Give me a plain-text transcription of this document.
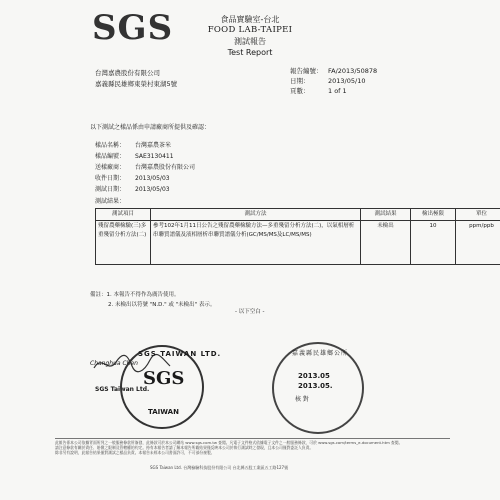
SGS	食品實驗室-台北
FOOD LAB-TAIPEI
測試報告
Test Report
台灣嘉農股份有限公司
嘉義縣民雄鄉東榮村東湖5號
報告編號： FA/2013/50878
日期：	2013/05/10
頁數：	1 of 1
以下測試之樣品係由申請廠商所提供及確認：
樣品名稱：	台灣嘉農茶米
樣品編號：	SAE3130411
送樣廠商：	台灣嘉農股份有限公司
收件日期：	2013/05/03
測試日期：	2013/05/03
測試結果：
測試項目	測試方法	測試結果	檢出極限	單位
殘留農藥檢驗(三)多重殘留分析方法(二)	參考102年1月11日公告之殘留農藥檢驗方法—多重殘留分析方法(二)，以氣相層析串聯質譜儀及液相層析串聯質譜儀分析(GC/MS/MS及LC/MS/MS)	未檢出	10	ppm/ppb
備註：1. 本報告不得作為廣告使用。
2. 未檢出以符號 "N.D." 或 "未檢出" 表示。
- 以下空白 -
Changhua Chen
SGS Taiwan Ltd.
SGS TAIWAN LTD.
SGS
TAIWAN
嘉義縣民雄鄉公所
2013.05
2013.05.
核 對
此報告係本公司依據背面所列之一般服務條款所簽發，此條款可於本公司網站 www.sgs.com.tw 查閱。凡電子文件格式依據電子文件之一般服務條款，可於 www.sgs.com/terms_e-document.htm 查閱。
請注意條款有關於責任、賠償之限制及管轄權的約定。持有本報告者請了解本報告所載結果僅反映本公司於執行測試時之發現，且本公司僅對委託人負責。
除非另有說明，此報告結果僅對測試之樣品負責。本報告未經本公司書面許可，不可部份複製。
SGS Taiwan Ltd. 台灣檢驗科技股份有限公司 台北縣五股工業區五工路127號
